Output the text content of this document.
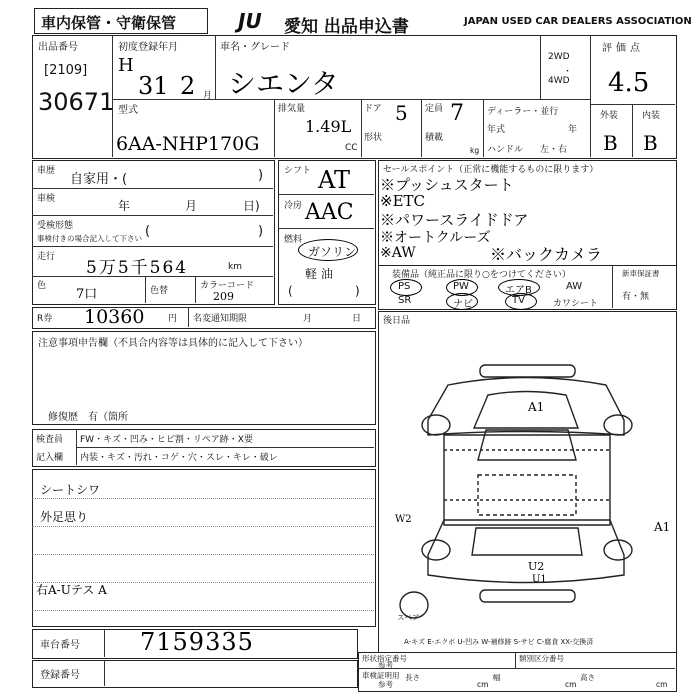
車内保管・守衛保管	JU 愛知 出品申込書	JAPAN USED CAR DEALERS ASSOCIATION
出品番号
[2109]
30671
初度登録年月
H
31 2 月
車名・グレード
シエンタ
型式
6AA-NHP170G
2WD
・
4WD
評価点
4.5
外装	内装
B B
排気量
1.49L
CC
ドア 5
形状
定員 7
積載
kg
ディーラー・並行
年式	年
ハンドル 左・右
車歴
自家用・(	)
車検	年	月	日)
受検形態
事検付きの場合記入して下さい (	)
走行
5万5千564	km
色
7口	色替	カラーコード
209
シフト AT
冷房 AAC
燃料
ガソリン
軽 油
(	)
セールスポイント（正常に機能するものに限ります）
※プッシュスタート
※ETC
※パワースライドドア
※オートクルーズ
※AW	※バックカメラ
装備品（純正品に限り○をつけてください）
PS	PW	エアB	AW
SR	ナビ	TV	カワシート
新車保証書
有・無
R券 10360	円 名変通知期限	月	日 後日品
A1
W2
A1
U2
U1
スペア
A-キズ E-エクボ U-凹み W-補修跡 S-サビ C-腐食 XX-交換済
注意事項申告欄（不具合内容等は具体的に記入して下さい）
修復歴　有（箇所
検査員
記入欄
FW・キズ・凹み・ヒビ割・リペア跡・X要
内装・キズ・汚れ・コゲ・穴・スレ・キレ・破レ
シートシワ
外足思り
右A-Uテス A
車台番号	7159335
登録番号
形状指定番号
参考
類別区分番号
車検証明用
参考
長さ
cm
幅
cm
高さ
cm
